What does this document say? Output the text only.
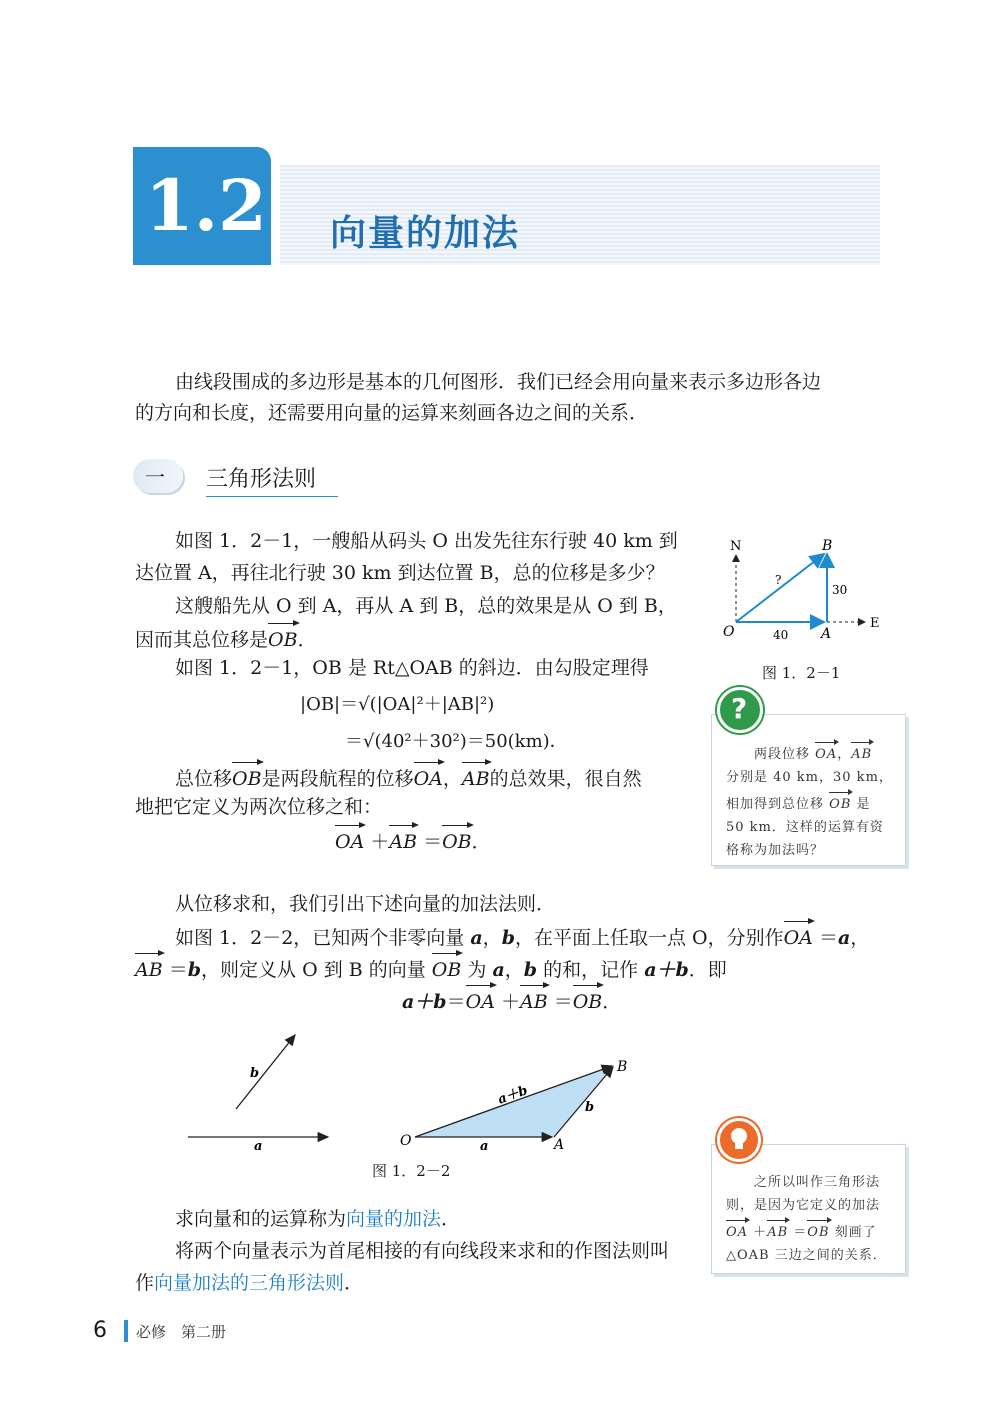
1.2 向量的加法
由线段围成的多边形是基本的几何图形．我们已经会用向量来表示多边形各边
的方向和长度，还需要用向量的运算来刻画各边之间的关系．
一 三角形法则
如图 1．2－1，一艘船从码头 O 出发先往东行驶 40 km 到
达位置 A，再往北行驶 30 km 到达位置 B，总的位移是多少？
这艘船先从 O 到 A，再从 A 到 B，总的效果是从 O 到 B，
因而其总位移是OB．
如图 1．2－1，OB 是 Rt△OAB 的斜边．由勾股定理得
|OB|＝√(|OA|²＋|AB|²)
＝√(40²＋30²)＝50(km)．
总位移OB是两段航程的位移OA，AB的总效果，很自然
地把它定义为两次位移之和：
OA ＋AB ＝OB．
N
E
O	A
B
40
30
?
图 1．2－1
两段位移 OA，AB
分别是 40 km，30 km，
相加得到总位移 OB 是
50 km．这样的运算有资
格称为加法吗？
?
从位移求和，我们引出下述向量的加法法则．
如图 1．2－2，已知两个非零向量 a，b，在平面上任取一点 O，分别作OA ＝a，
AB ＝b，则定义从 O 到 B 的向量 OB 为 a，b 的和，记作 a＋b．即
a＋b＝OA ＋AB ＝OB．
a
b
a
b
a＋b
O	A
B
图 1．2－2
之所以叫作三角形法
则，是因为它定义的加法
OA ＋AB ＝OB 刻画了
△OAB 三边之间的关系．
求向量和的运算称为向量的加法．
将两个向量表示为首尾相接的有向线段来求和的作图法则叫
作向量加法的三角形法则．
6 必修　第二册
